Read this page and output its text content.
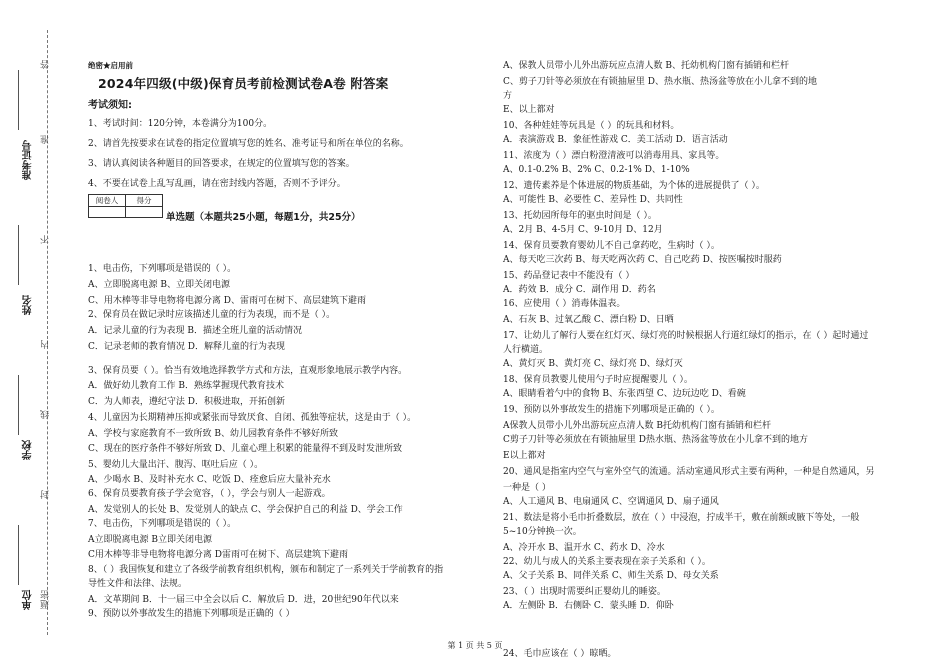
准考证号
姓名
学校
单位 密
封
线
内
不
准
答
题
绝密★启用前
2024年四级(中级)保育员考前检测试卷A卷 附答案
考试须知:
1、考试时间：120分钟，本卷满分为100分。
2、请首先按要求在试卷的指定位置填写您的姓名、准考证号和所在单位的名称。
3、请认真阅读各种题目的回答要求，在规定的位置填写您的答案。
4、不要在试卷上乱写乱画，请在密封线内答题，否则不予评分。
阅卷人	得分

单选题（本题共25小题，每题1分，共25分）
1、电击伤，下列哪项是错误的（ ）。
A、立即脱离电源 B、立即关闭电源
C、用木棒等非导电物将电源分离 D、雷雨可在树下、高层建筑下避雨
2、保育员在做记录时应该描述儿童的行为表现，而不是（ ）。
A．记录儿童的行为表现 B．描述全班儿童的活动情况
C．记录老师的教育情况 D．解释儿童的行为表现
3、保育员要（ ）。恰当有效地选择教学方式和方法，直观形象地展示教学内容。
A．做好幼儿教育工作 B．熟练掌握现代教育技术
C．为人师表，遵纪守法 D．积极进取，开拓创新
4、儿童因为长期精神压抑或紧张而导致厌食、自闭、孤独等症状，这是由于（ ）。
A、学校与家庭教育不一致所致 B、幼儿园教育条件不够好所致
C、现在的医疗条件不够好所致 D、儿童心理上积累的能量得不到及时发泄所致
5、婴幼儿大量出汗、腹泻、呕吐后应（ ）。
A、少喝水 B、及时补充水 C、吃饭 D、痊愈后应大量补充水
6、保育员要教育孩子学会宽容，（ ），学会与别人一起游戏。
A、发觉别人的长处 B、发觉别人的缺点 C、学会保护自己的利益 D、学会工作
7、电击伤，下列哪项是错误的（ ）。
A立即脱离电源 B立即关闭电源
C用木棒等非导电物将电源分离 D雷雨可在树下、高层建筑下避雨
8、（ ）我国恢复和建立了各级学前教育组织机构，颁布和制定了一系列关于学前教育的指
导性文件和法律、法规。
A．文革期间 B．十一届三中全会以后 C．解放后 D．进，20世纪90年代以来
9、预防以外事故发生的措施下列哪项是正确的（ ）
A、保教人员带小儿外出游玩应点清人数 B、托幼机构门窗有插销和栏杆
C、剪子刀针等必须放在有锁抽屉里 D、热水瓶、热汤盆等放在小儿拿不到的地
方
E、以上都对
10、各种娃娃等玩具是（ ）的玩具和材料。
A．表演游戏 B．象征性游戏 C．美工活动 D．语言活动
11、浓度为（ ）漂白粉澄清液可以消毒用具、家具等。
A、0.1-0.2% B、2% C、0.2-1% D、1-10%
12、遗传素养是个体进展的物质基础，为个体的进展提供了（ ）。
A、可能性 B、必要性 C、差异性 D、共同性
13、托幼园所每年的驱虫时间是（ ）。
A、2月 B、4-5月 C、9-10月 D、12月
14、保育员要教育婴幼儿不自己拿药吃，生病时（ ）。
A、每天吃三次药 B、每天吃两次药 C、自己吃药 D、按医嘱按时服药
15、药品登记表中不能没有（ ）
A．药效 B．成分 C．副作用 D．药名
16、应使用（ ）消毒体温表。
A、石灰 B、过氧乙酸 C、漂白粉 D、日晒
17、让幼儿了解行人要在红灯灭、绿灯亮的时候根据人行道红绿灯的指示，在（ ）起时通过
人行横道。
A、黄灯灭 B、黄灯亮 C、绿灯亮 D、绿灯灭
18、保育员教婴儿使用勺子时应提醒婴儿（ ）。
A、眼睛看着勺中的食物 B、东张西望 C、边玩边吃 D、看碗
19、预防以外事故发生的措施下列哪项是正确的（ ）。
A保教人员带小儿外出游玩应点清人数 B托幼机构门窗有插销和栏杆
C剪子刀针等必须放在有锁抽屉里 D热水瓶、热汤盆等放在小儿拿不到的地方
E以上都对
20、通风是指室内空气与室外空气的流通。活动室通风形式主要有两种，一种是自然通风，另
一种是（ ）
A、人工通风 B、电扇通风 C、空调通风 D、扇子通风
21、数法是将小毛巾折叠数层，放在（ ）中浸泡，拧成半干，敷在前额或腋下等处，一般
5~10分钟换一次。
A、冷开水 B、温开水 C、药水 D、冷水
22、幼儿与成人的关系主要表现在亲子关系和（ ）。
A、父子关系 B、同伴关系 C、师生关系 D、母女关系
23、（ ）出现时需要纠正婴幼儿的睡姿。
A．左侧卧 B．右侧卧 C．蒙头睡 D．仰卧
24、毛巾应该在（ ）晾晒。
第 1 页 共 5 页
